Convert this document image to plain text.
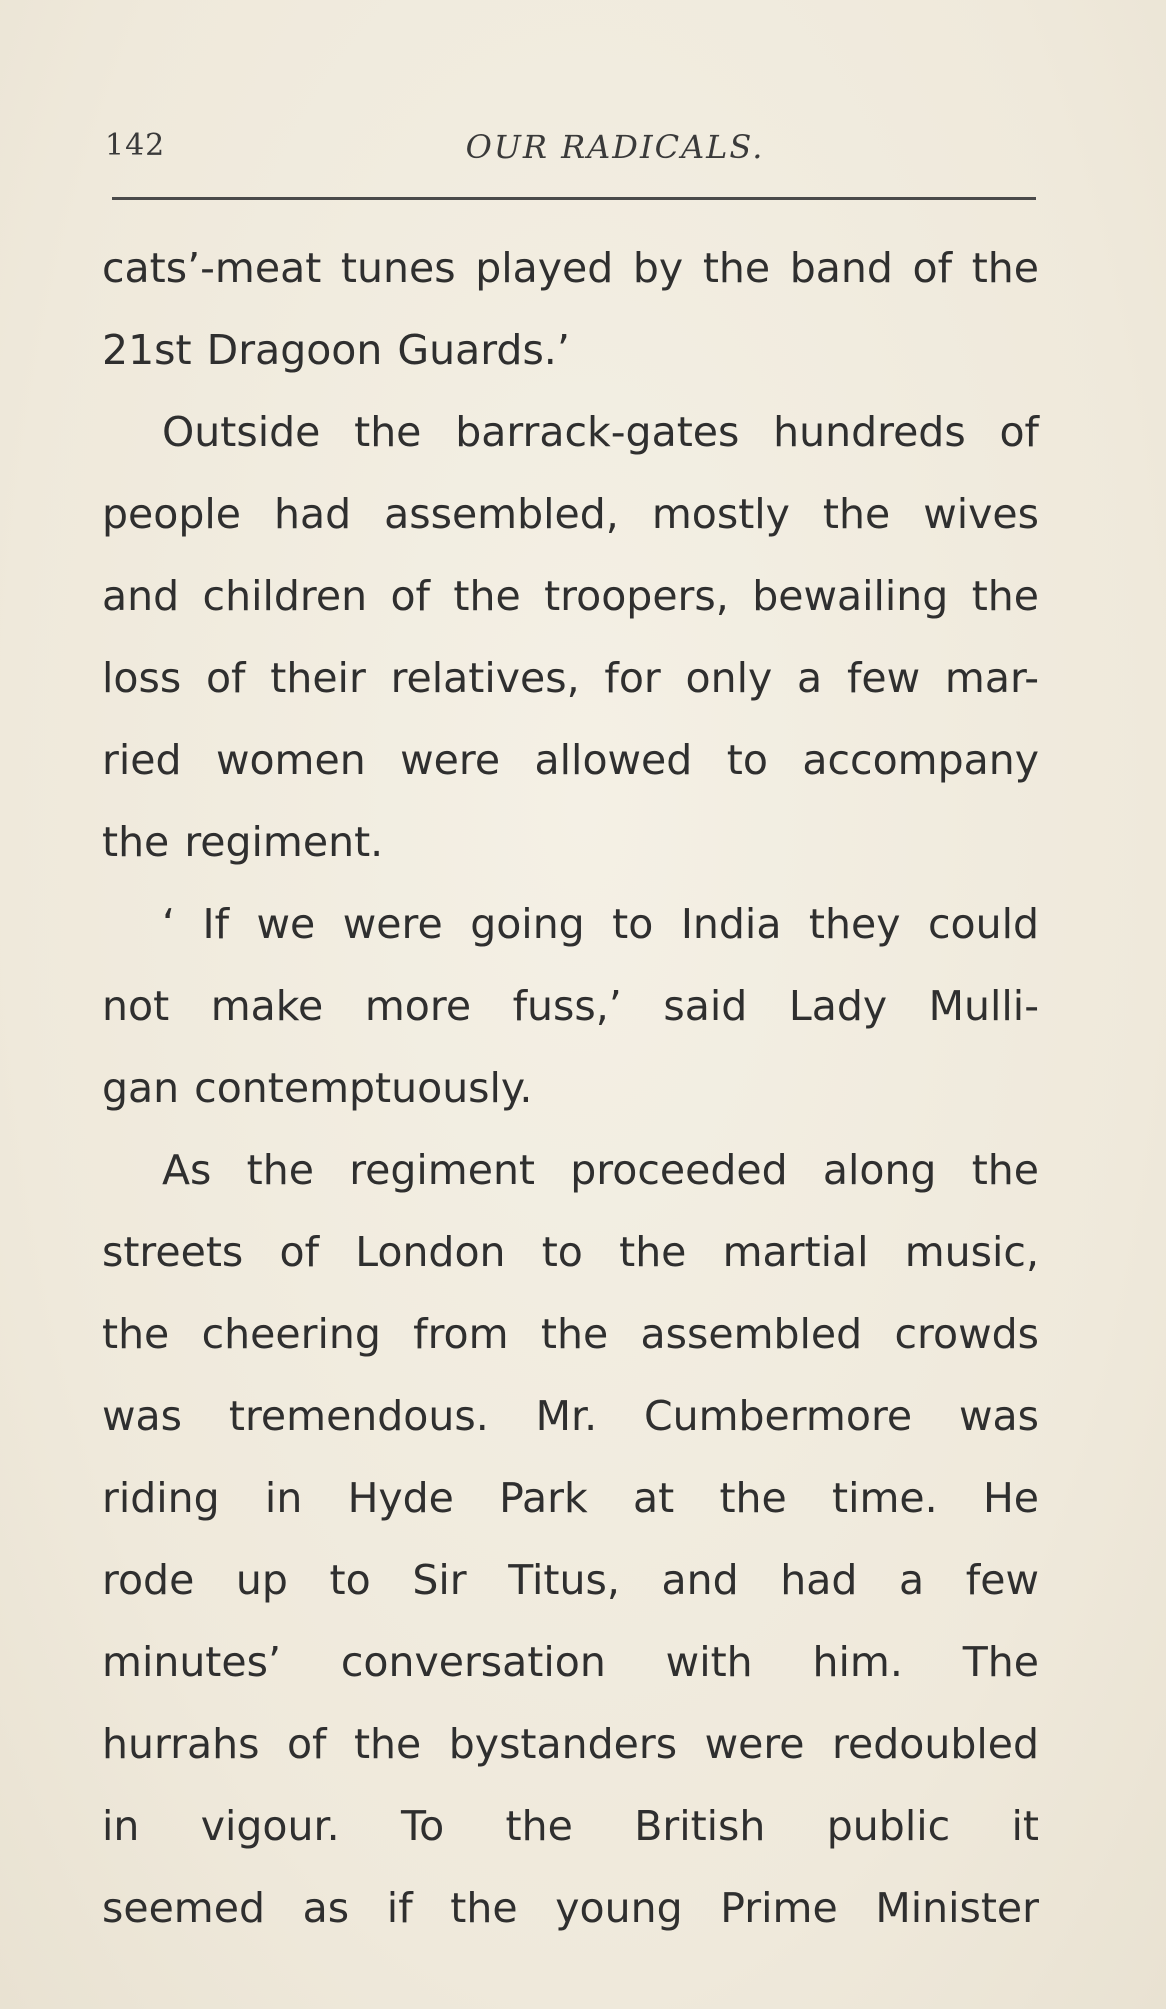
142	OUR RADICALS.
cats’-meat tunes played by the band of the
21st Dragoon Guards.’
Outside the barrack-gates hundreds of
people had assembled, mostly the wives
and children of the troopers, bewailing the
loss of their relatives, for only a few mar-
ried women were allowed to accompany
the regiment.
‘ If we were going to India they could
not make more fuss,’ said Lady Mulli-
gan contemptuously.
As the regiment proceeded along the
streets of London to the martial music,
the cheering from the assembled crowds
was tremendous. Mr. Cumbermore was
riding in Hyde Park at the time. He
rode up to Sir Titus, and had a few
minutes’ conversation with him. The
hurrahs of the bystanders were redoubled
in vigour. To the British public it
seemed as if the young Prime Minister
